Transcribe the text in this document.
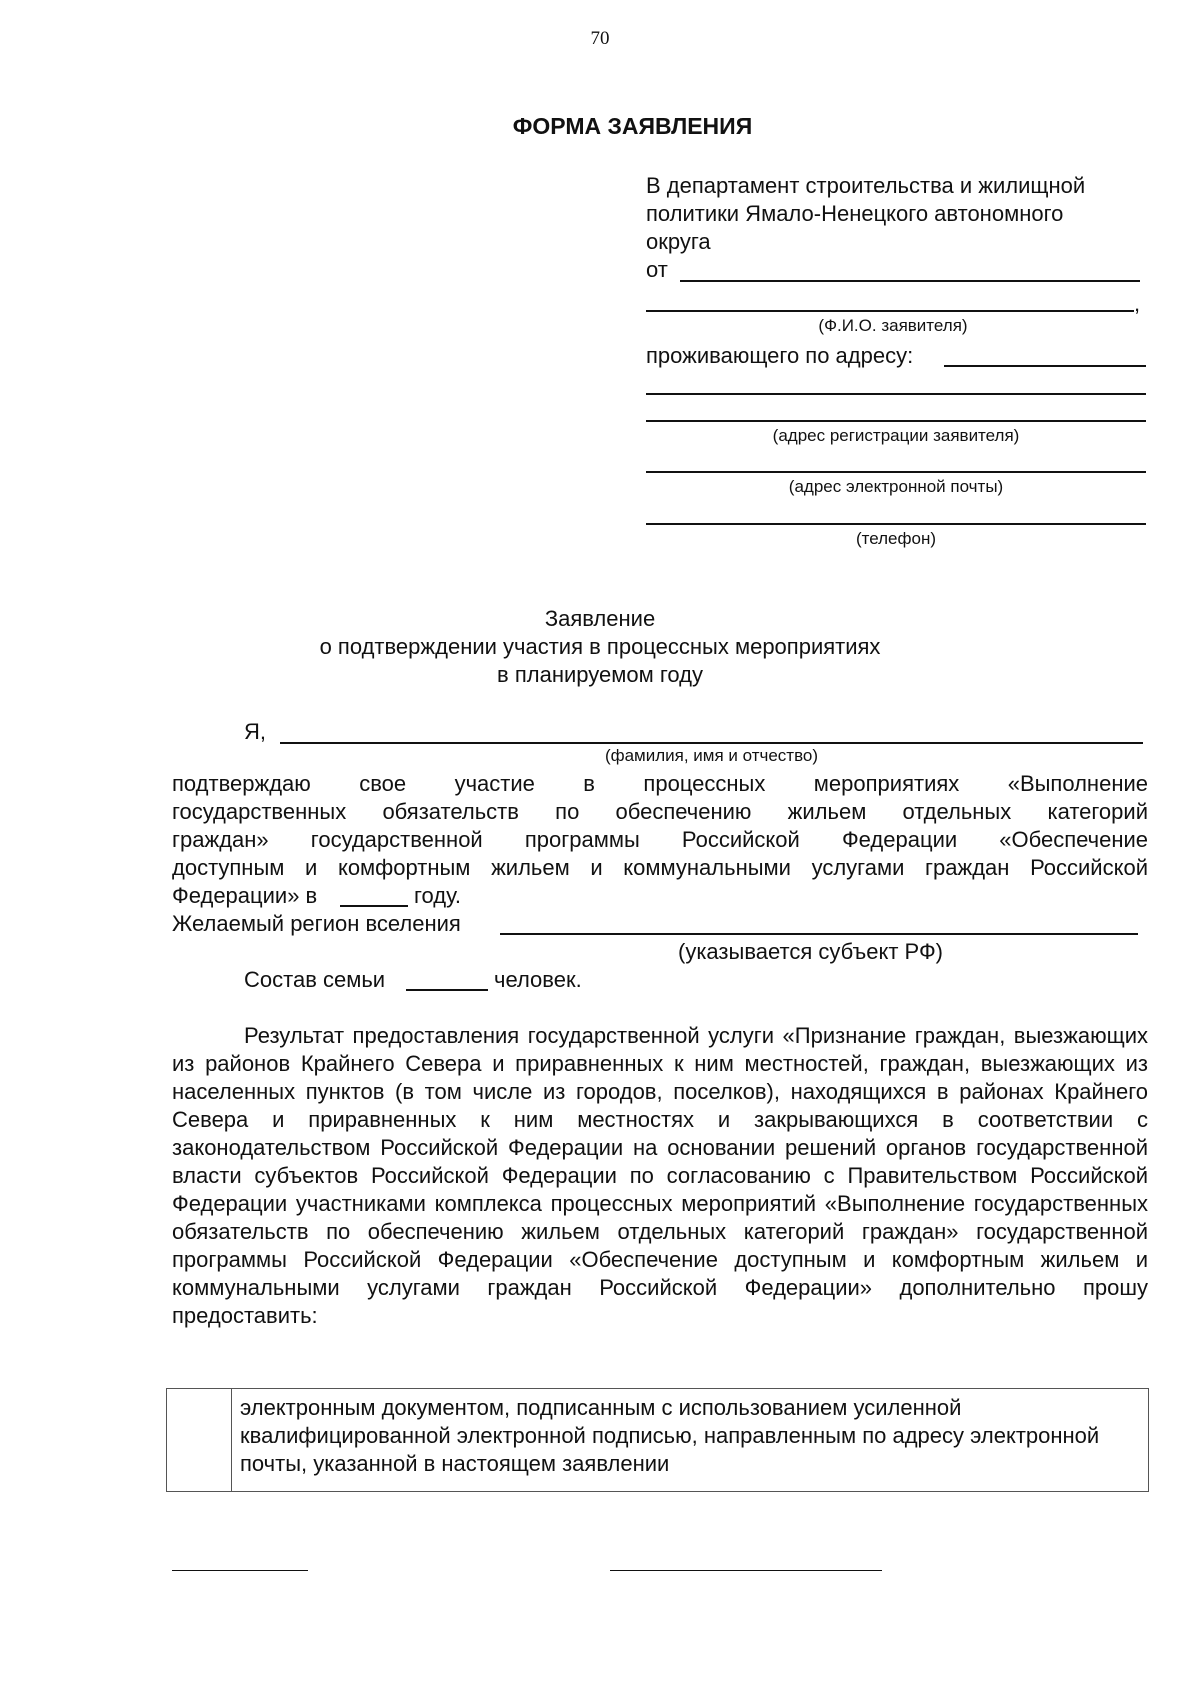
70
ФОРМА ЗАЯВЛЕНИЯ
В департамент строительства и жилищной
политики Ямало-Ненецкого автономного
округа
от
,
(Ф.И.О. заявителя)
проживающего по адресу:
(адрес регистрации заявителя)
(адрес электронной почты)
(телефон)
Заявление
о подтверждении участия в процессных мероприятиях
в планируемом году
Я,
(фамилия, имя и отчество)
подтверждаю свое участие в процессных мероприятиях «Выполнение
государственных обязательств по обеспечению жильем отдельных категорий
граждан» государственной программы Российской Федерации «Обеспечение
доступным и комфортным жильем и коммунальными услугами граждан Российской
Федерации» в	году.
Желаемый регион вселения
(указывается субъект РФ)
Состав семьи	человек.
Результат предоставления государственной услуги «Признание граждан, выезжающих из районов Крайнего Севера и приравненных к ним местностей, граждан, выезжающих из населенных пунктов (в том числе из городов, поселков), находящихся в районах Крайнего Севера и приравненных к ним местностях и закрывающихся в соответствии с законодательством Российской Федерации на основании решений органов государственной власти субъектов Российской Федерации по согласованию с Правительством Российской Федерации участниками комплекса процессных мероприятий «Выполнение государственных обязательств по обеспечению жильем отдельных категорий граждан» государственной программы Российской Федерации «Обеспечение доступным и комфортным жильем и коммунальными услугами граждан Российской Федерации» дополнительно прошу предоставить:
	электронным документом, подписанным с использованием усиленной квалифицированной электронной подписью, направленным по адресу электронной почты, указанной в настоящем заявлении
